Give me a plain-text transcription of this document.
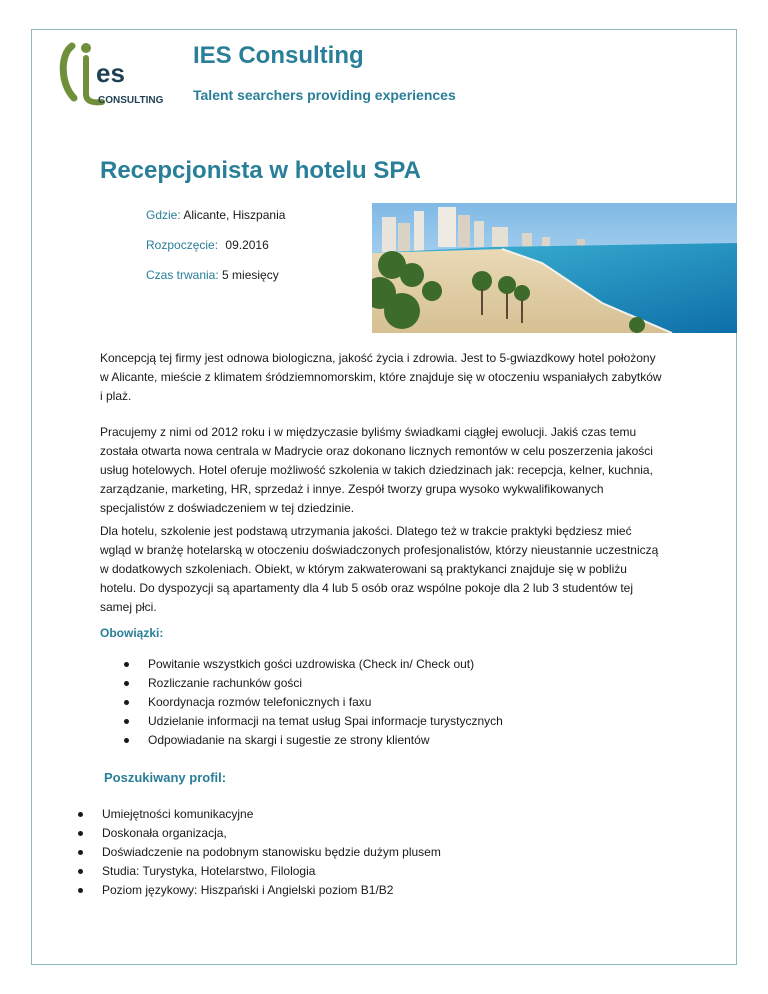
es
CONSULTING
IES Consulting
Talent searchers providing experiences
Recepcjonista w hotelu SPA
Gdzie: Alicante, Hiszpania
Rozpoczęcie: 09.2016
Czas trwania: 5 miesięcy
Koncepcją tej firmy jest odnowa biologiczna, jakość życia i zdrowia. Jest to 5-gwiazdkowy hotel położony w Alicante, mieście z klimatem śródziemnomorskim, które znajduje się w otoczeniu wspaniałych zabytków i plaż.
Pracujemy z nimi od 2012 roku i w międzyczasie byliśmy świadkami ciągłej ewolucji. Jakiś czas temu została otwarta nowa centrala w Madrycie oraz dokonano licznych remontów w celu poszerzenia jakości usług hotelowych. Hotel oferuje możliwość szkolenia w takich dziedzinach jak: recepcja, kelner, kuchnia, zarządzanie, marketing, HR, sprzedaż i innye. Zespół tworzy grupa wysoko wykwalifikowanych specjalistów z doświadczeniem w tej dziedzinie.
Dla hotelu, szkolenie jest podstawą utrzymania jakości. Dlatego też w trakcie praktyki będziesz mieć wgląd w branżę hotelarską w otoczeniu doświadczonych profesjonalistów, którzy nieustannie uczestniczą w dodatkowych szkoleniach. Obiekt, w którym zakwaterowani są praktykanci znajduje się w pobliżu hotelu. Do dyspozycji są apartamenty dla 4 lub 5 osób oraz wspólne pokoje dla 2 lub 3 studentów tej samej płci.
Obowiązki:
Powitanie wszystkich gości uzdrowiska (Check in/ Check out)
Rozliczanie rachunków gości
Koordynacja rozmów telefonicznych i faxu
Udzielanie informacji na temat usług Spai informacje turystycznych
Odpowiadanie na skargi i sugestie ze strony klientów
Poszukiwany profil:
Umiejętności komunikacyjne
Doskonała organizacja,
Doświadczenie na podobnym stanowisku będzie dużym plusem
Studia: Turystyka, Hotelarstwo, Filologia
Poziom językowy: Hiszpański i Angielski poziom B1/B2
